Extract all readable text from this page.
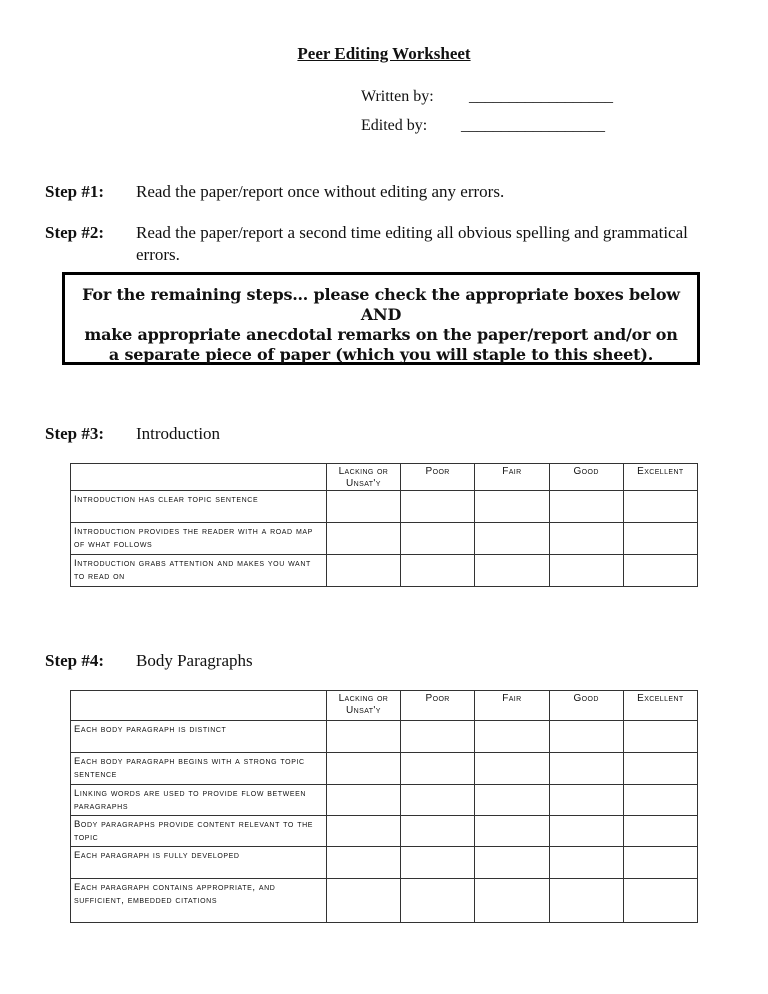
Peer Editing Worksheet
Written by: __________________
Edited by: __________________
Step #1: Read the paper/report once without editing any errors.
Step #2: Read the paper/report a second time editing all obvious spelling and grammatical errors.
For the remaining steps… please check the appropriate boxes below
AND
make appropriate anecdotal remarks on the paper/report and/or on
a separate piece of paper (which you will staple to this sheet).
Step #3: Introduction
	Lacking or Unsat'y	Poor	Fair	Good	Excellent
Introduction has clear topic sentence					
Introduction provides the reader with a road map of what follows					
Introduction grabs attention and makes you want to read on					
Step #4: Body Paragraphs
	Lacking or Unsat'y	Poor	Fair	Good	Excellent
Each body paragraph is distinct					
Each body paragraph begins with a strong topic sentence					
Linking words are used to provide flow between paragraphs					
Body paragraphs provide content relevant to the topic					
Each paragraph is fully developed					
Each paragraph contains appropriate, and sufficient, embedded citations					
